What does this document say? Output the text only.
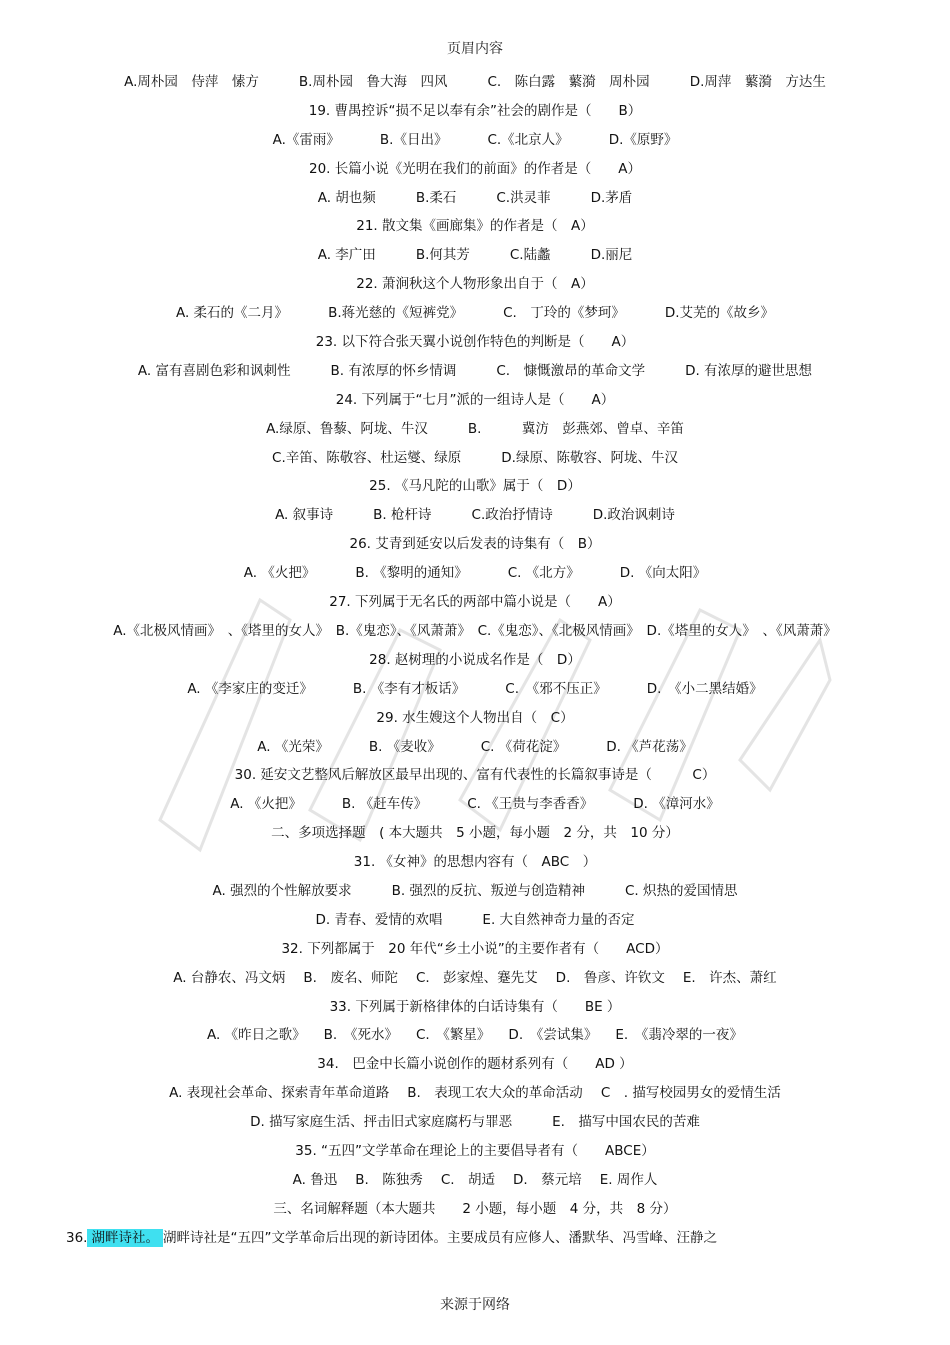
页眉内容
A.周朴园　侍萍　愫方	B.周朴园　鲁大海　四风	C.　陈白露　蘩漪　周朴园	D.周萍　蘩漪　方达生
19. 曹禺控诉“损不足以奉有余”社会的剧作是（　　B）
A.《雷雨》	B.《日出》	C.《北京人》	D.《原野》
20. 长篇小说《光明在我们的前面》的作者是（　　A）
A. 胡也频	B.柔石	C.洪灵菲	D.茅盾
21. 散文集《画廊集》的作者是（　A）
A. 李广田	B.何其芳	C.陆蠡	D.丽尼
22. 萧涧秋这个人物形象出自于（　A）
A. 柔石的《二月》	B.蒋光慈的《短裤党》	C.　丁玲的《梦珂》	D.艾芜的《故乡》
23. 以下符合张天翼小说创作特色的判断是（　　A）
A. 富有喜剧色彩和讽刺性	B. 有浓厚的怀乡情调	C.　慷慨激昂的革命文学	D. 有浓厚的避世思想
24. 下列属于“七月”派的一组诗人是（　　A）
A.绿原、鲁藜、阿垅、牛汉	B.　　　冀汸　彭燕郊、曾卓、辛笛
C.辛笛、陈敬容、杜运燮、绿原	D.绿原、陈敬容、阿垅、牛汉
25. 《马凡陀的山歌》属于（　D）
A. 叙事诗	B. 枪杆诗	C.政治抒情诗	D.政治讽刺诗
26. 艾青到延安以后发表的诗集有（　B）
A. 《火把》	B. 《黎明的通知》	C. 《北方》	D. 《向太阳》
27. 下列属于无名氏的两部中篇小说是（　　A）
A.《北极风情画》　、《塔里的女人》　B.《鬼恋》、《风萧萧》　C.《鬼恋》、《北极风情画》　D.《塔里的女人》　、《风萧萧》
28. 赵树理的小说成名作是（　D）
A. 《李家庄的变迁》	B. 《李有才板话》	C.　《邪不压正》	D.　《小二黑结婚》
29. 水生嫂这个人物出自（　C）
A. 《光荣》	B. 《麦收》	C. 《荷花淀》	D. 《芦花荡》
30. 延安文艺整风后解放区最早出现的、富有代表性的长篇叙事诗是（　　　C）
A. 《火把》	B. 《赶车传》	C. 《王贵与李香香》	D. 《漳河水》
二、多项选择题　( 本大题共　5 小题，每小题　2 分，共　10 分）
31. 《女神》的思想内容有（　ABC　）
A. 强烈的个性解放要求	B. 强烈的反抗、叛逆与创造精神	C. 炽热的爱国情思
D. 青春、爱情的欢唱	E. 大自然神奇力量的否定
32. 下列都属于　20 年代“乡土小说”的主要作者有（　　ACD）
A. 台静农、冯文炳 B.　废名、师陀 C.　彭家煌、蹇先艾 D.　鲁彦、许钦文 E.　许杰、萧红
33. 下列属于新格律体的白话诗集有（　　BE ）
A. 《昨日之歌》 B.　《死水》 C.　《繁星》 D.　《尝试集》 E.　《翡冷翠的一夜》
34.　巴金中长篇小说创作的题材系列有（　　AD ）
A. 表现社会革命、探索青年革命道路 B.　表现工农大众的革命活动 C　. 描写校园男女的爱情生活
D. 描写家庭生活、抨击旧式家庭腐朽与罪恶	E.　描写中国农民的苦难
35. “五四”文学革命在理论上的主要倡导者有（　　ABCE）
A. 鲁迅 B.　陈独秀 C.　胡适 D.　蔡元培 E. 周作人
三、名词解释题（本大题共　　2 小题，每小题　4 分，共　8 分）
36. 湖畔诗社。 湖畔诗社是“五四”文学革命后出现的新诗团体。主要成员有应修人、潘默华、冯雪峰、汪静之
来源于网络
